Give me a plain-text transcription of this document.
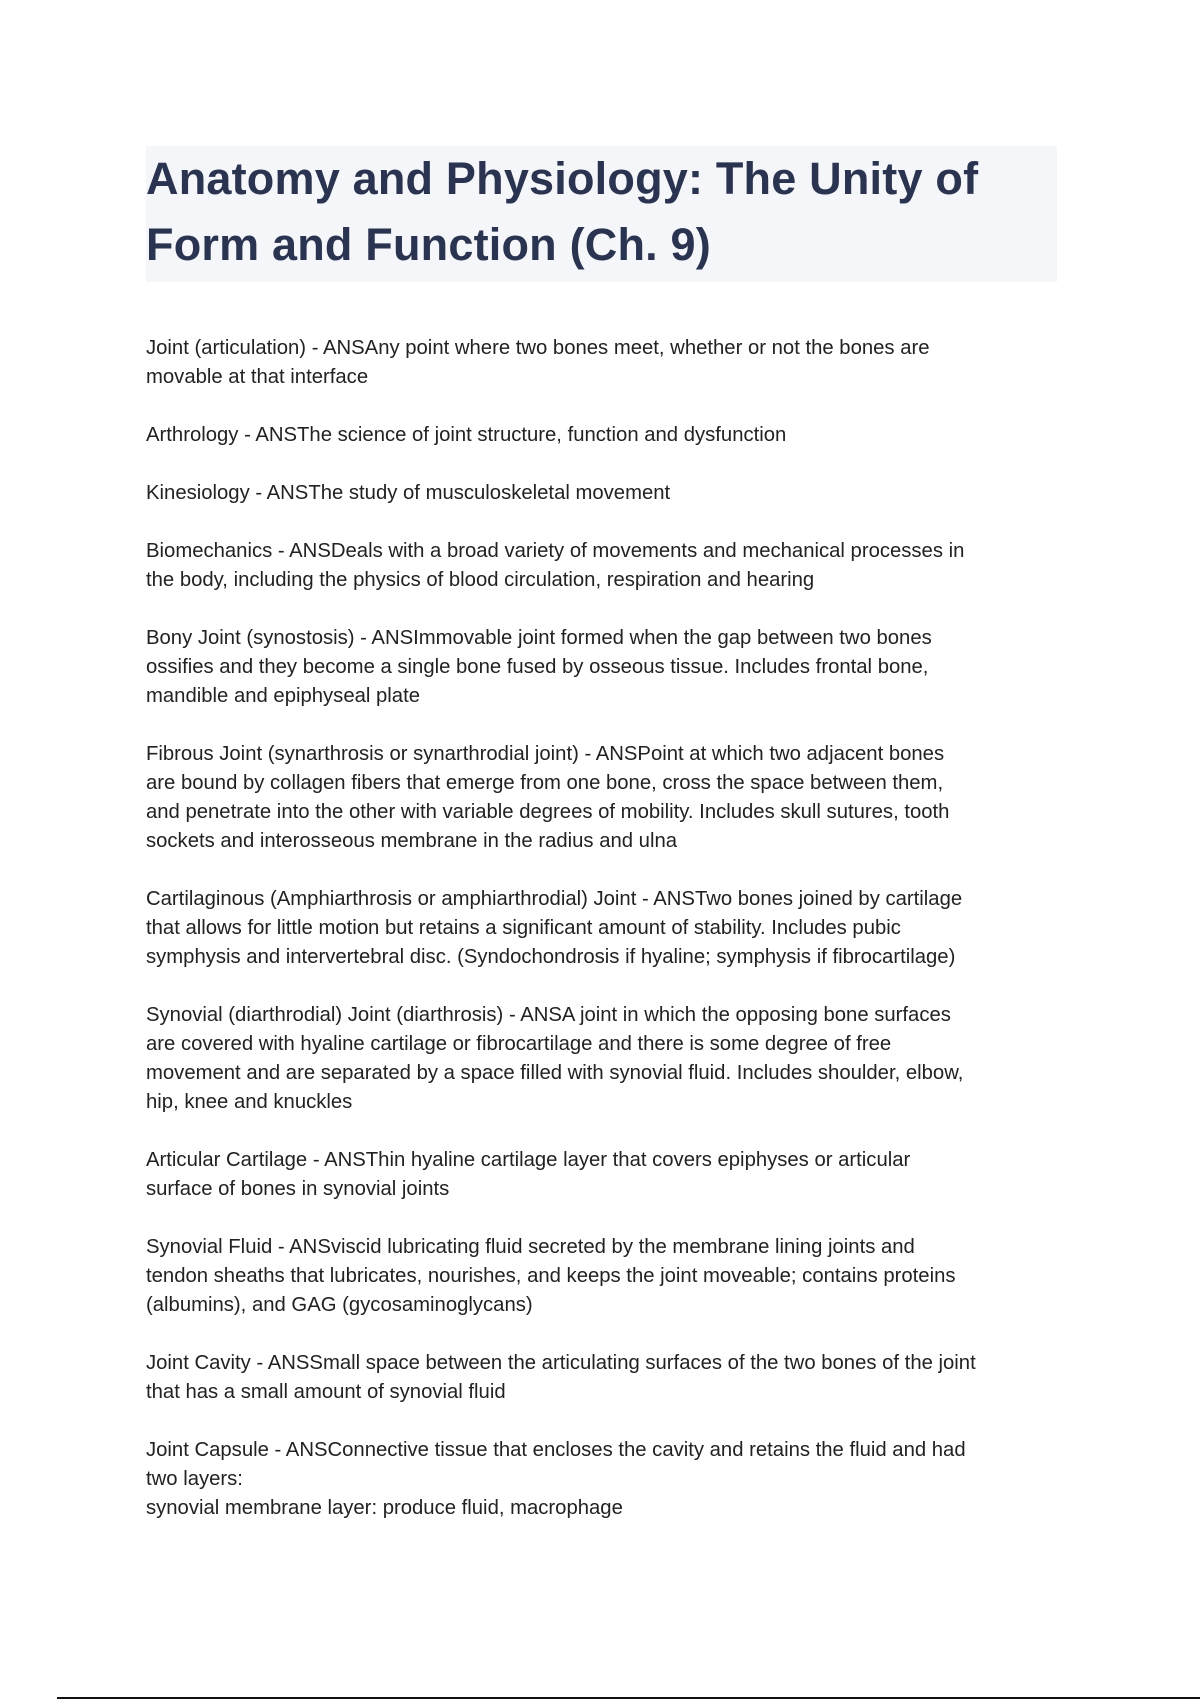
Anatomy and Physiology: The Unity of
Form and Function (Ch. 9)

Joint (articulation) - ANSAny point where two bones meet, whether or not the bones are
movable at that interface

Arthrology - ANSThe science of joint structure, function and dysfunction

Kinesiology - ANSThe study of musculoskeletal movement

Biomechanics - ANSDeals with a broad variety of movements and mechanical processes in
the body, including the physics of blood circulation, respiration and hearing

Bony Joint (synostosis) - ANSImmovable joint formed when the gap between two bones
ossifies and they become a single bone fused by osseous tissue. Includes frontal bone,
mandible and epiphyseal plate

Fibrous Joint (synarthrosis or synarthrodial joint) - ANSPoint at which two adjacent bones
are bound by collagen fibers that emerge from one bone, cross the space between them,
and penetrate into the other with variable degrees of mobility. Includes skull sutures, tooth
sockets and interosseous membrane in the radius and ulna

Cartilaginous (Amphiarthrosis or amphiarthrodial) Joint - ANSTwo bones joined by cartilage
that allows for little motion but retains a significant amount of stability. Includes pubic
symphysis and intervertebral disc. (Syndochondrosis if hyaline; symphysis if fibrocartilage)

Synovial (diarthrodial) Joint (diarthrosis) - ANSA joint in which the opposing bone surfaces
are covered with hyaline cartilage or fibrocartilage and there is some degree of free
movement and are separated by a space filled with synovial fluid. Includes shoulder, elbow,
hip, knee and knuckles

Articular Cartilage - ANSThin hyaline cartilage layer that covers epiphyses or articular
surface of bones in synovial joints

Synovial Fluid - ANSviscid lubricating fluid secreted by the membrane lining joints and
tendon sheaths that lubricates, nourishes, and keeps the joint moveable; contains proteins
(albumins), and GAG (gycosaminoglycans)

Joint Cavity - ANSSmall space between the articulating surfaces of the two bones of the joint
that has a small amount of synovial fluid

Joint Capsule - ANSConnective tissue that encloses the cavity and retains the fluid and had
two layers:
synovial membrane layer: produce fluid, macrophage
